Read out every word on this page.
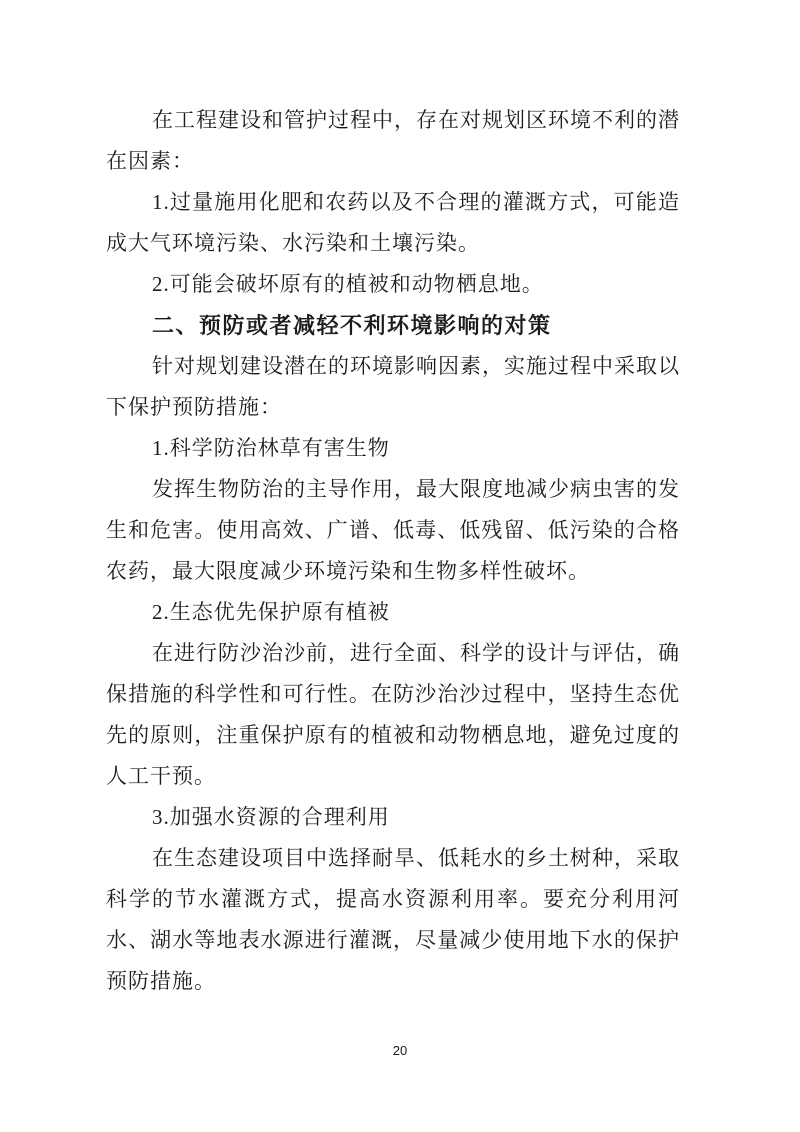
在工程建设和管护过程中，存在对规划区环境不利的潜在因素：

1.过量施用化肥和农药以及不合理的灌溉方式，可能造成大气环境污染、水污染和土壤污染。

2.可能会破坏原有的植被和动物栖息地。

二、预防或者减轻不利环境影响的对策

针对规划建设潜在的环境影响因素，实施过程中采取以下保护预防措施：

1.科学防治林草有害生物

发挥生物防治的主导作用，最大限度地减少病虫害的发生和危害。使用高效、广谱、低毒、低残留、低污染的合格农药，最大限度减少环境污染和生物多样性破坏。

2.生态优先保护原有植被

在进行防沙治沙前，进行全面、科学的设计与评估，确保措施的科学性和可行性。在防沙治沙过程中，坚持生态优先的原则，注重保护原有的植被和动物栖息地，避免过度的人工干预。

3.加强水资源的合理利用

在生态建设项目中选择耐旱、低耗水的乡土树种，采取科学的节水灌溉方式，提高水资源利用率。要充分利用河水、湖水等地表水源进行灌溉，尽量减少使用地下水的保护预防措施。

20
